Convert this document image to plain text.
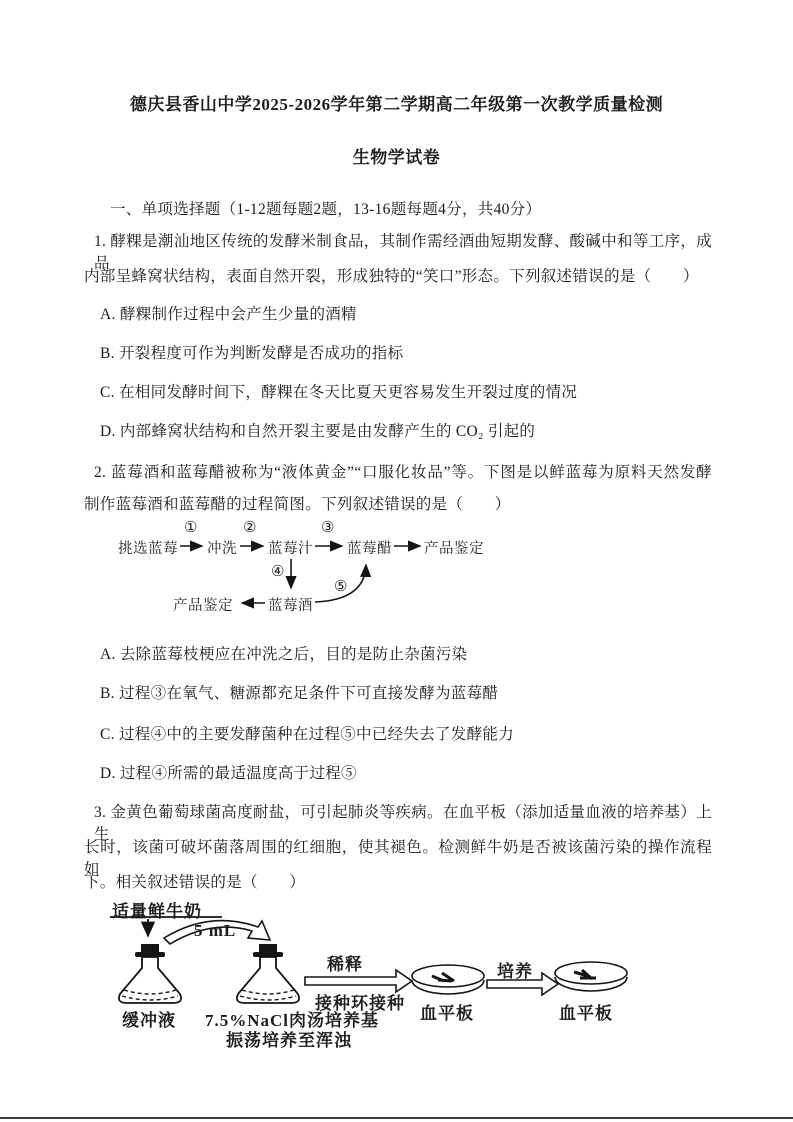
德庆县香山中学2025-2026学年第二学期高二年级第一次教学质量检测
生物学试卷
一、单项选择题（1-12题每题2题，13-16题每题4分，共40分）
1. 酵粿是潮汕地区传统的发酵米制食品，其制作需经酒曲短期发酵、酸碱中和等工序，成品
内部呈蜂窝状结构，表面自然开裂，形成独特的“笑口”形态。下列叙述错误的是（　　）
A. 酵粿制作过程中会产生少量的酒精
B. 开裂程度可作为判断发酵是否成功的指标
C. 在相同发酵时间下，酵粿在冬天比夏天更容易发生开裂过度的情况
D. 内部蜂窝状结构和自然开裂主要是由发酵产生的 CO₂ 引起的
2. 蓝莓酒和蓝莓醋被称为“液体黄金”“口服化妆品”等。下图是以鲜蓝莓为原料天然发酵
制作蓝莓酒和蓝莓醋的过程简图。下列叙述错误的是（　　）
挑选蓝莓 冲洗 蓝莓汁 蓝莓醋 产品鉴定
①	②	③
④
⑤
产品鉴定 蓝莓酒
A. 去除蓝莓枝梗应在冲洗之后，目的是防止杂菌污染
B. 过程③在氧气、糖源都充足条件下可直接发酵为蓝莓醋
C. 过程④中的主要发酵菌种在过程⑤中已经失去了发酵能力
D. 过程④所需的最适温度高于过程⑤
3. 金黄色葡萄球菌高度耐盐，可引起肺炎等疾病。在血平板（添加适量血液的培养基）上生
长时，该菌可破坏菌落周围的红细胞，使其褪色。检测鲜牛奶是否被该菌污染的操作流程如
下。相关叙述错误的是（　　）
适量鲜牛奶
5 mL
缓冲液 7.5%NaCl肉汤培养基
振荡培养至浑浊
稀释
接种环接种
血平板
培养
血平板
